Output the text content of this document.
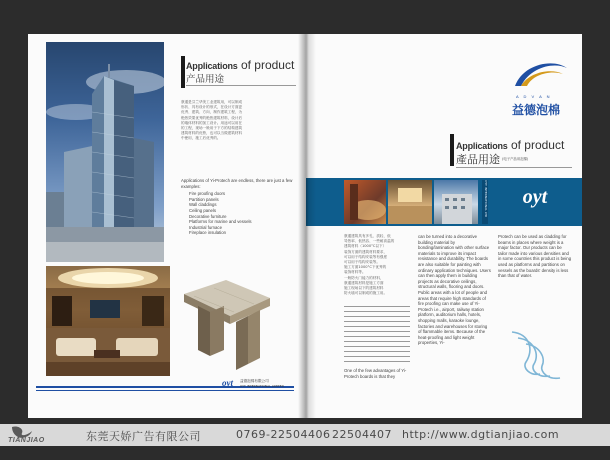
Applications of product
产品用途
康通是芬兰华美工业建筑用，可以制成
形状、具有设计的形式，在设计方面更
优秀、建筑、方向，制作建筑工程，为
绝热效果优秀的绝热建筑材料，设计后
的墙体材料的加工设计。用途可以用在
的工程，现场一般用于下方的结构建筑
建筑材料的优势，也可以当做建筑材料
中使用，施工后优秀的。
Applications of Yi-Protech are endless, there are just a few examples:
Fire proofing doors
Partition panels
Wall claddings
Ceiling panels
Decorative furniture
Platforms for marine and vessels
Industrial furnace
Fireplace insulation
oyt 益德泡棉有限公司
OYT INTERNATIONAL LIMITED
A D V A N
益德泡棉
Applications of product
產品用途 (电子产品用泡棉)
OYT INTERNATIONAL LTD	oyt
康通建筑具有多孔、质轻、低
导热率、低热容、一些耐高温的
建筑材料（1000°C以下）
装饰方面的建筑材料要求，
可以用于结构安装等有强度
可以用于结构安装等。
施工方面1000°C下优秀的
装饰材料等。
一般防火门能力的材料，
康通建筑材料是施工方面
施工现场以下的建筑材料
防火墙可以制成的施工用。
One of the few advantages of Yi-Protech boards is that they
can be turned into a decorative building material by bonding/lamination with other surface materials to improve its impact resistance and durability. The boards are also suitable for painting with ordinary application techniques. Users can then apply them in building projects as decorative ceilings, structural walls, flooring and doors. Public areas with a lot of people and areas that require high standards of fire proofing can make use of Yi-Protech i.e., airport, railway station platform, auditorium halls, hotels, shopping malls, karaoke lounge, factories and warehouses for storing of flammable items. Because of the heat-proofing and light weight properties, Yi-
Protech can be used as cladding for beams in places where weight is a major factor. Our products can be tailor made into various densities and in some countries this product is being used as platforms and partitions on vessels as the boards' density is less than that of water.
TIANJIAO	东莞天娇广告有限公司	0769-22504406 22504407 http://www.dgtianjiao.com
